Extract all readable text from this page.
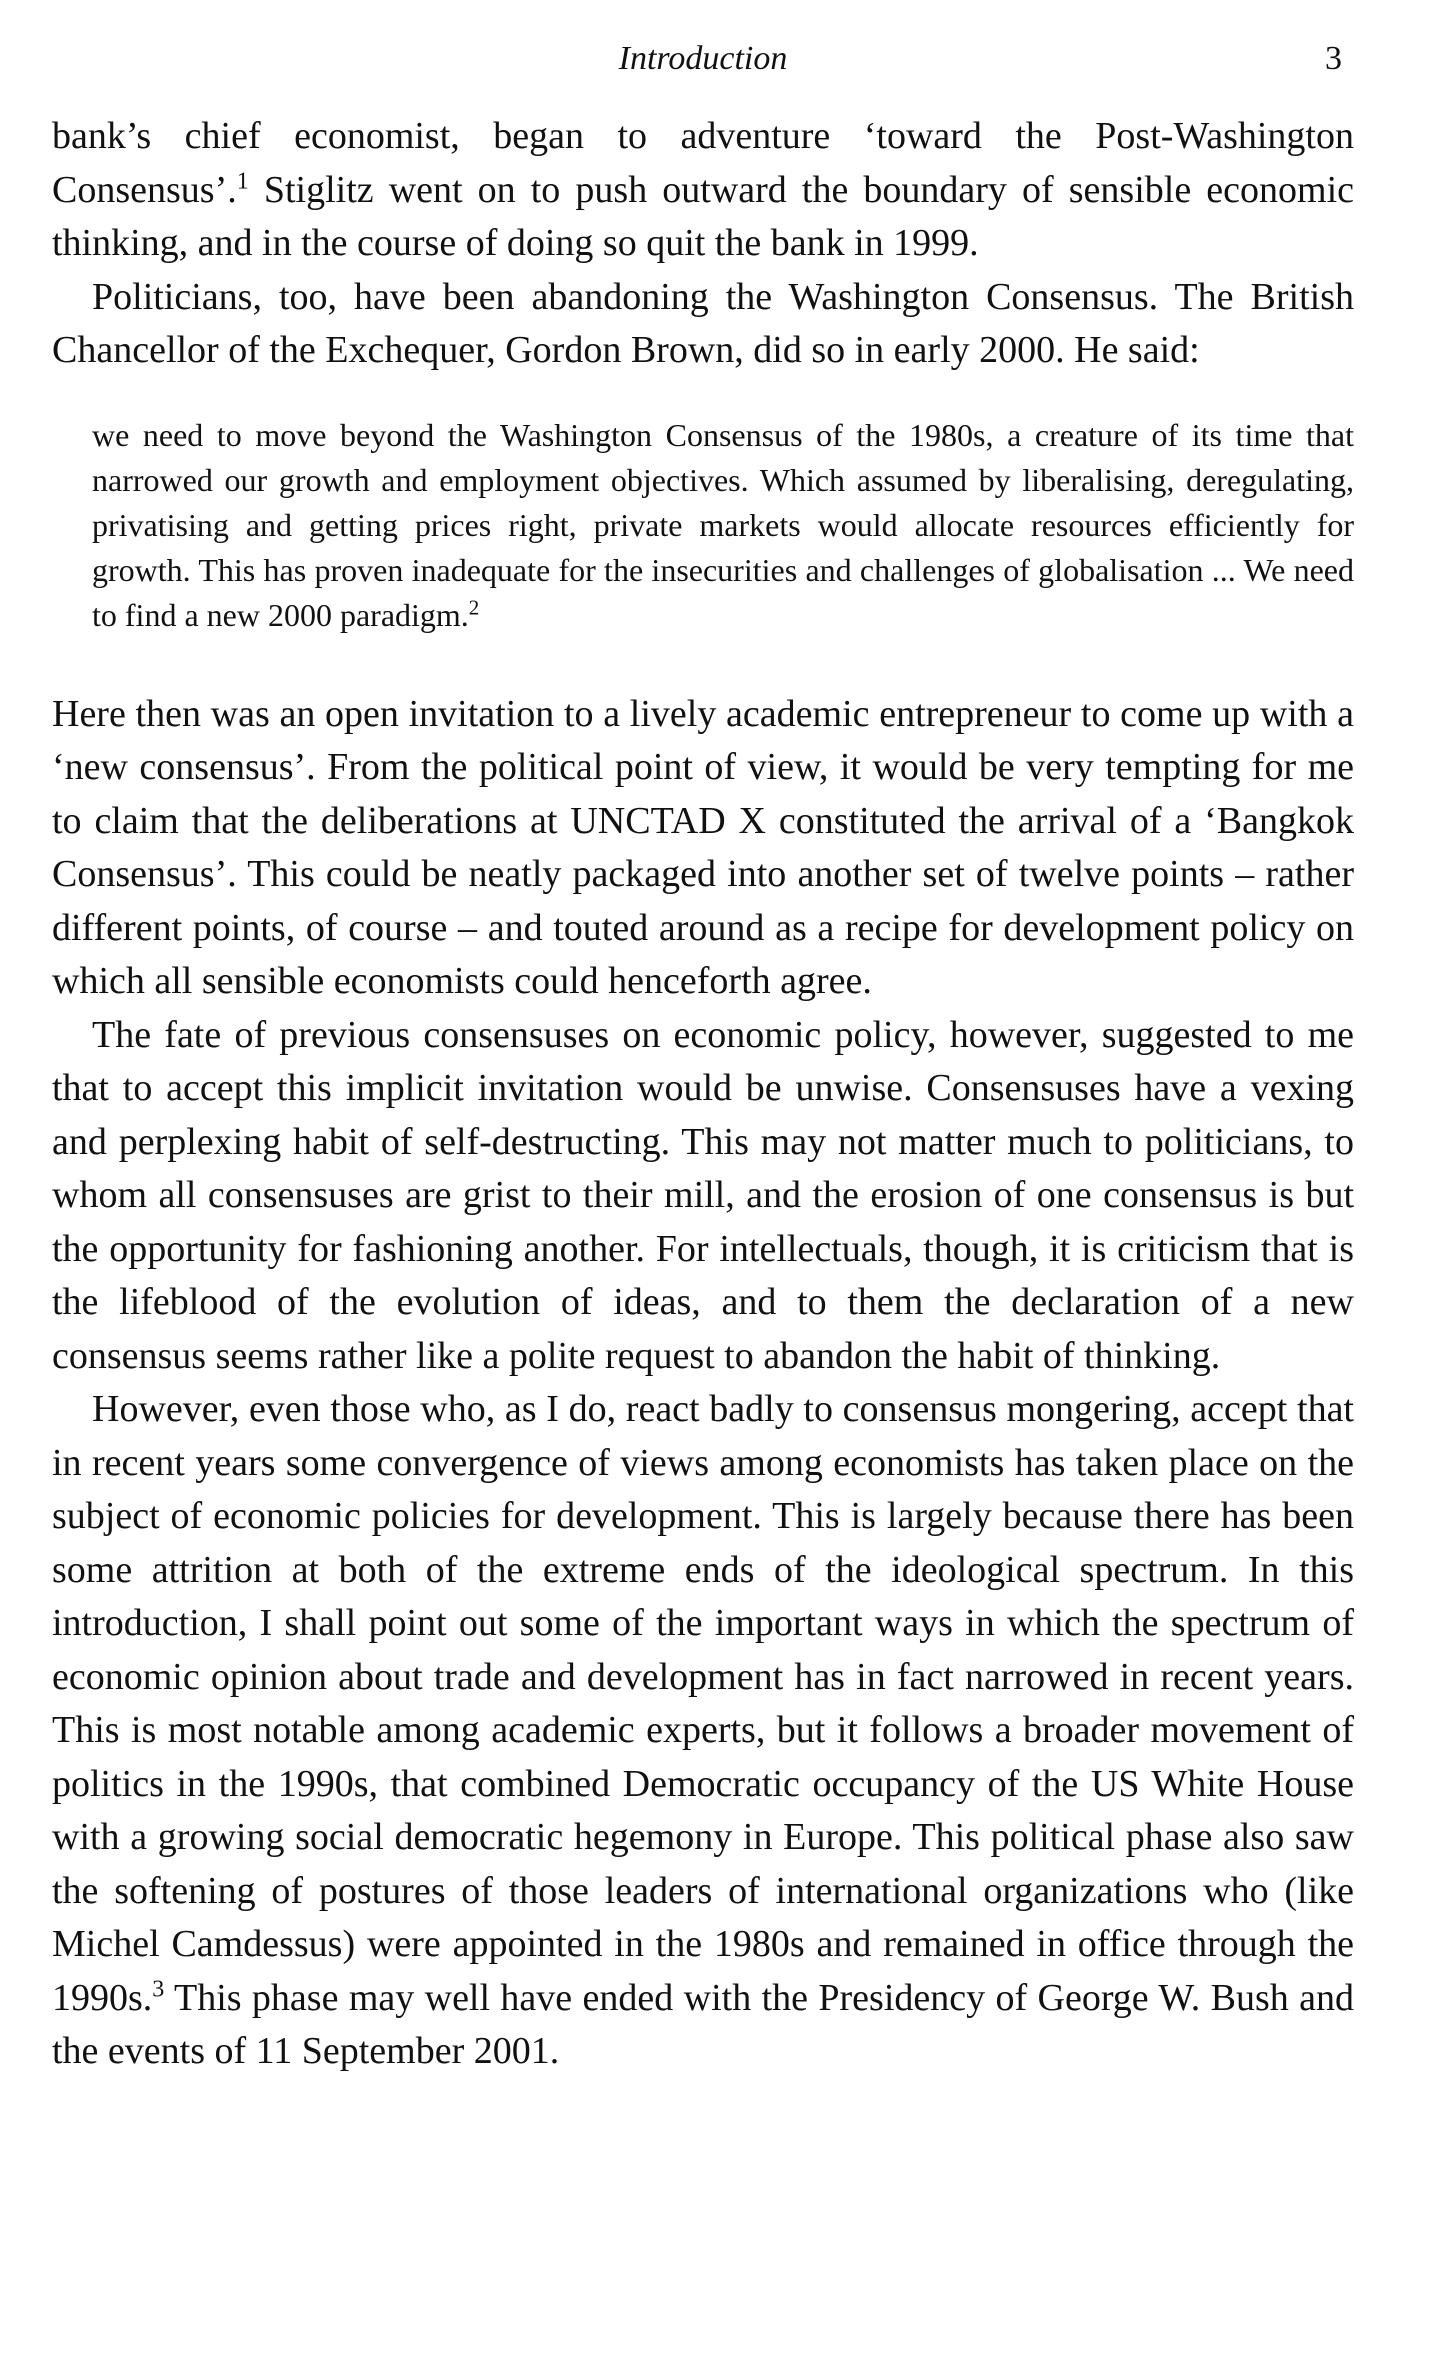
Introduction	3

bank’s chief economist, began to adventure ‘toward the Post-Washington Consensus’.$^1$ Stiglitz went on to push outward the boundary of sensible economic thinking, and in the course of doing so quit the bank in 1999.

Politicians, too, have been abandoning the Washington Consensus. The British Chancellor of the Exchequer, Gordon Brown, did so in early 2000. He said:

we need to move beyond the Washington Consensus of the 1980s, a creature of its time that narrowed our growth and employment objectives. Which assumed by liberalising, deregulating, privatising and getting prices right, private markets would allocate resources efficiently for growth. This has proven inadequate for the insecurities and challenges of globalisation ... We need to find a new 2000 paradigm.$^2$

Here then was an open invitation to a lively academic entrepreneur to come up with a ‘new consensus’. From the political point of view, it would be very tempting for me to claim that the deliberations at UNCTAD X constituted the arrival of a ‘Bangkok Consensus’. This could be neatly packaged into another set of twelve points – rather different points, of course – and touted around as a recipe for development policy on which all sensible economists could henceforth agree.

The fate of previous consensuses on economic policy, however, suggested to me that to accept this implicit invitation would be unwise. Consensuses have a vexing and perplexing habit of self-destructing. This may not matter much to politicians, to whom all consensuses are grist to their mill, and the erosion of one consensus is but the opportunity for fashioning another. For intellectuals, though, it is criticism that is the lifeblood of the evolution of ideas, and to them the declaration of a new consensus seems rather like a polite request to abandon the habit of thinking.

However, even those who, as I do, react badly to consensus mongering, accept that in recent years some convergence of views among economists has taken place on the subject of economic policies for development. This is largely because there has been some attrition at both of the extreme ends of the ideological spectrum. In this introduction, I shall point out some of the important ways in which the spectrum of economic opinion about trade and development has in fact narrowed in recent years. This is most notable among academic experts, but it follows a broader movement of politics in the 1990s, that combined Democratic occupancy of the US White House with a growing social democratic hegemony in Europe. This political phase also saw the softening of postures of those leaders of international organizations who (like Michel Camdessus) were appointed in the 1980s and remained in office through the 1990s.$^3$ This phase may well have ended with the Presidency of George W. Bush and the events of 11 September 2001.
